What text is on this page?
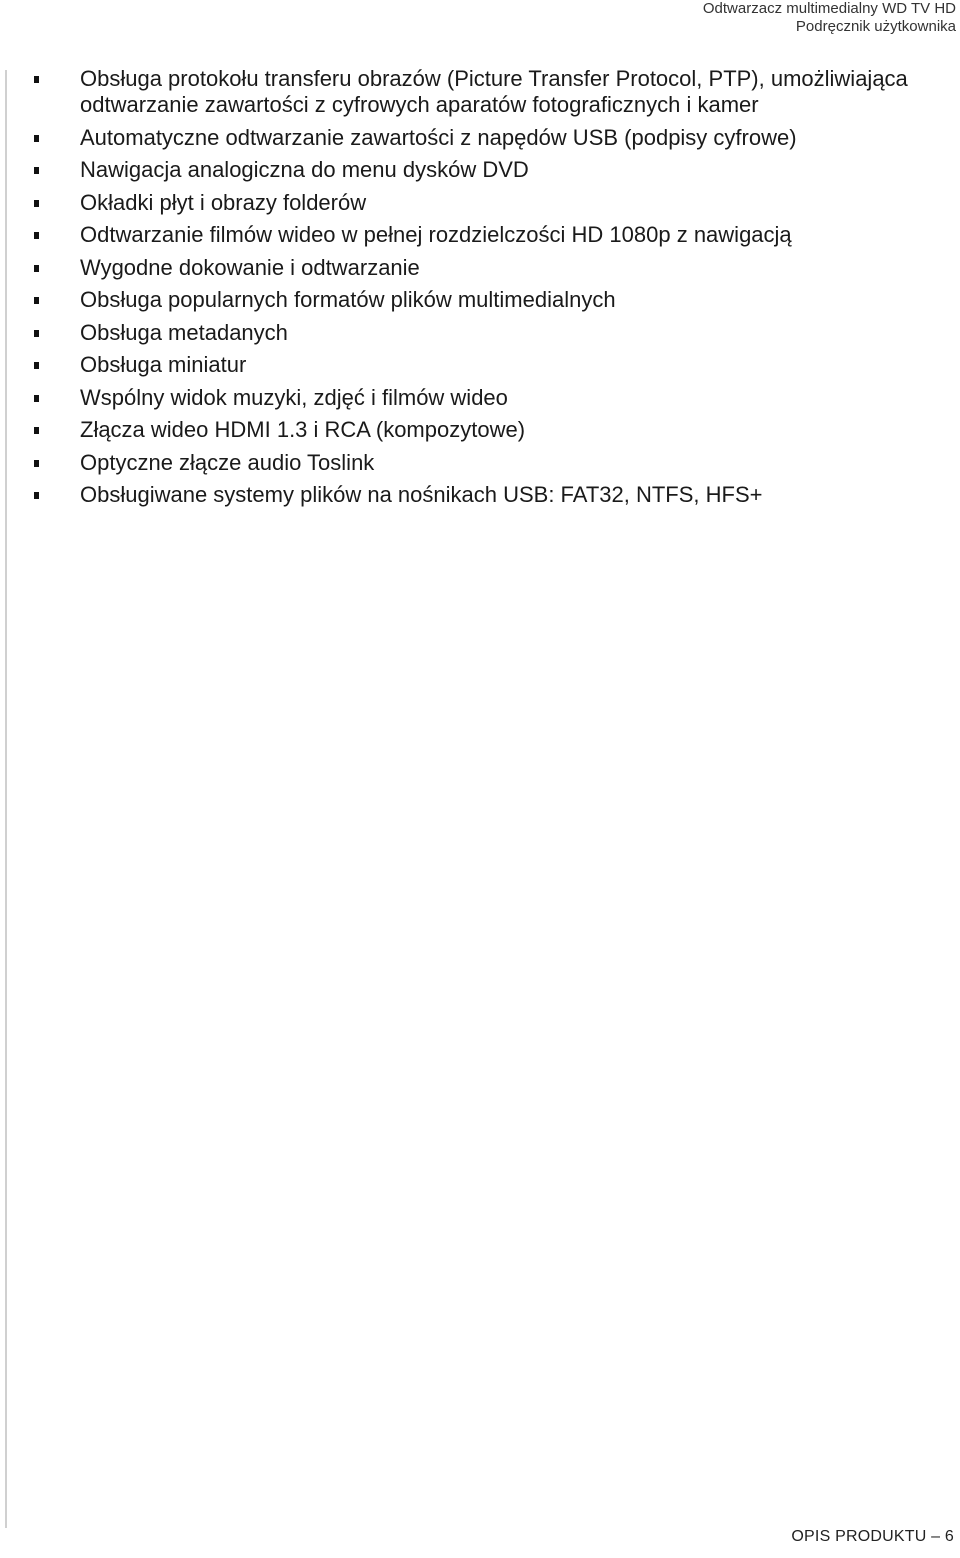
Odtwarzacz multimedialny WD TV HD
Podręcznik użytkownika
Obsługa protokołu transferu obrazów (Picture Transfer Protocol, PTP), umożliwiająca odtwarzanie zawartości z cyfrowych aparatów fotograficznych i kamer
Automatyczne odtwarzanie zawartości z napędów USB (podpisy cyfrowe)
Nawigacja analogiczna do menu dysków DVD
Okładki płyt i obrazy folderów
Odtwarzanie filmów wideo w pełnej rozdzielczości HD 1080p z nawigacją
Wygodne dokowanie i odtwarzanie
Obsługa popularnych formatów plików multimedialnych
Obsługa metadanych
Obsługa miniatur
Wspólny widok muzyki, zdjęć i filmów wideo
Złącza wideo HDMI 1.3 i RCA (kompozytowe)
Optyczne złącze audio Toslink
Obsługiwane systemy plików na nośnikach USB: FAT32, NTFS, HFS+
OPIS PRODUKTU – 6
